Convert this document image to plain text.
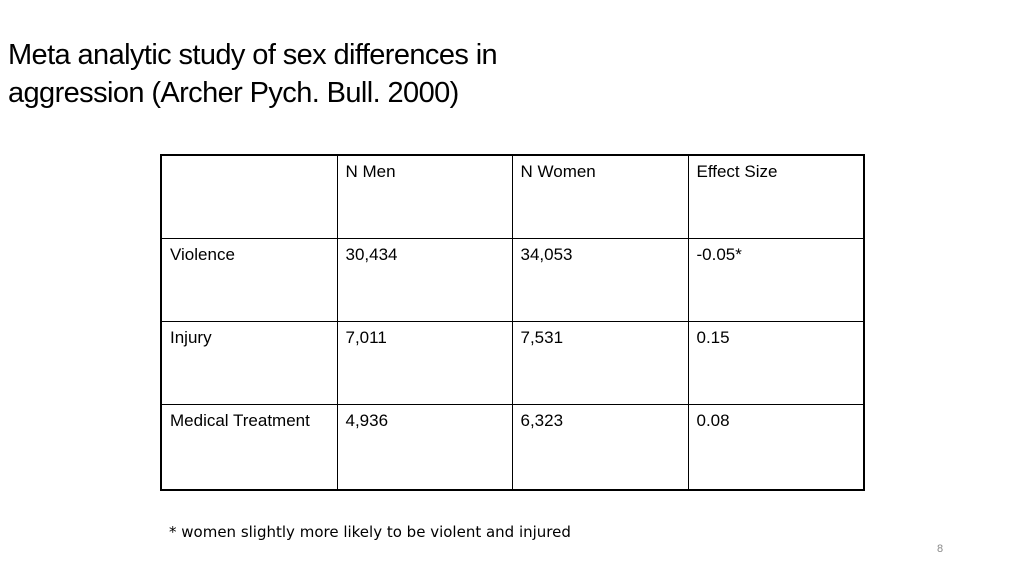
Meta analytic study of sex differences in
aggression (Archer Pych. Bull. 2000)
	N Men	N Women	Effect Size
Violence	30,434	34,053	-0.05*
Injury	7,011	7,531	0.15
Medical Treatment	4,936	6,323	0.08
* women slightly more likely to be violent and injured
8
